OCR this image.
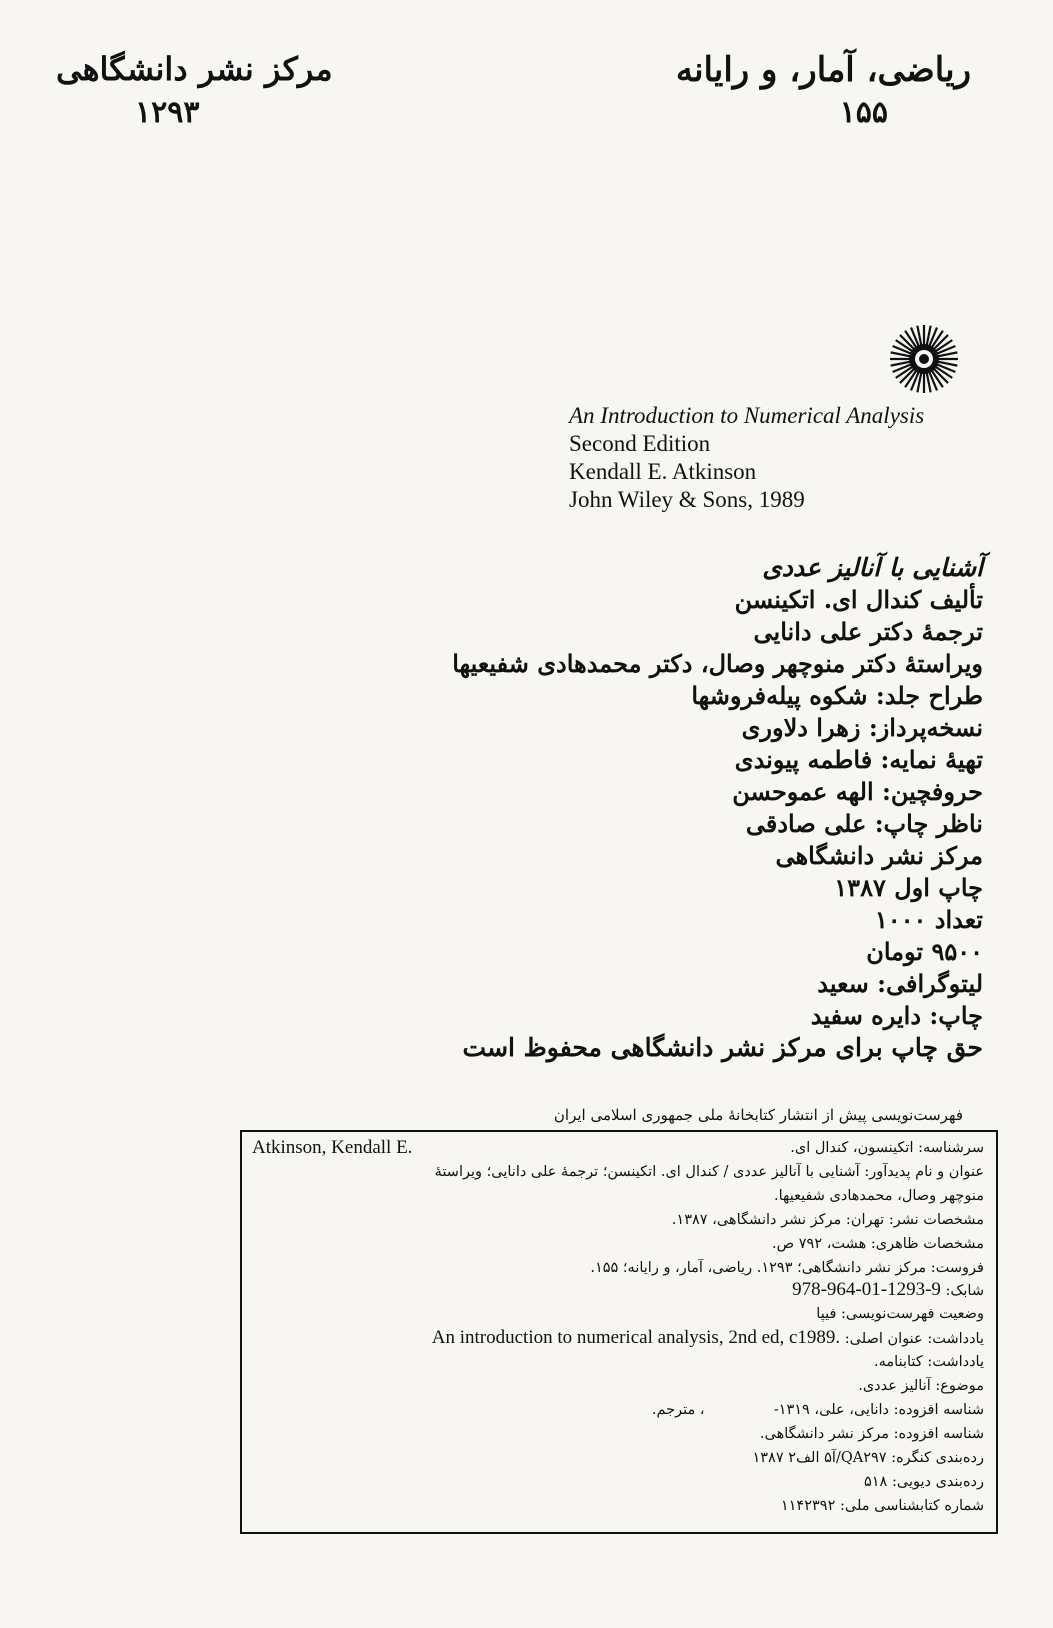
ریاضی، آمار، و رایانه
۱۵۵
مرکز نشر دانشگاهی
۱۲۹۳
An Introduction to Numerical Analysis
Second Edition
Kendall E. Atkinson
John Wiley & Sons, 1989
آشنایی با آنالیز عددی
تألیف کندال ای. اتکینسن
ترجمهٔ دکتر علی دانایی
ویراستهٔ دکتر منوچهر وصال، دکتر محمدهادی شفیعیها
طراح جلد: شکوه پیله‌فروشها
نسخه‌پرداز: زهرا دلاوری
تهیهٔ نمایه: فاطمه پیوندی
حروفچین: الهه عموحسن
ناظر چاپ: علی صادقی
مرکز نشر دانشگاهی
چاپ اول ۱۳۸۷
تعداد ۱۰۰۰
۹۵۰۰ تومان
لیتوگرافی: سعید
چاپ: دایره سفید
حق چاپ برای مرکز نشر دانشگاهی محفوظ است
فهرست‌نویسی پیش از انتشار کتابخانهٔ ملی جمهوری اسلامی ایران
Atkinson, Kendall E.	سرشناسه: اتکینسون، کندال ای.
عنوان و نام پدیدآور: آشنایی با آنالیز عددی / کندال ای. اتکینسن؛ ترجمهٔ علی دانایی؛ ویراستهٔ
منوچهر وصال، محمدهادی شفیعیها.
مشخصات نشر: تهران: مرکز نشر دانشگاهی، ۱۳۸۷.
مشخصات ظاهری: هشت، ۷۹۲ ص.
فروست: مرکز نشر دانشگاهی؛ ۱۲۹۳. ریاضی، آمار، و رایانه؛ ۱۵۵.
شابک: 978-964-01-1293-9
وضعیت فهرست‌نویسی: فیپا
یادداشت: عنوان اصلی: An introduction to numerical analysis, 2nd ed, c1989.
یادداشت: کتابنامه.
موضوع: آنالیز عددی.
شناسه افزوده: دانایی، علی، ۱۳۱۹-  ، مترجم.
شناسه افزوده: مرکز نشر دانشگاهی.
رده‌بندی کنگره: QA۲۹۷/آ۵ الف۲ ۱۳۸۷
رده‌بندی دیویی: ۵۱۸
شماره کتابشناسی ملی: ۱۱۴۲۳۹۲
